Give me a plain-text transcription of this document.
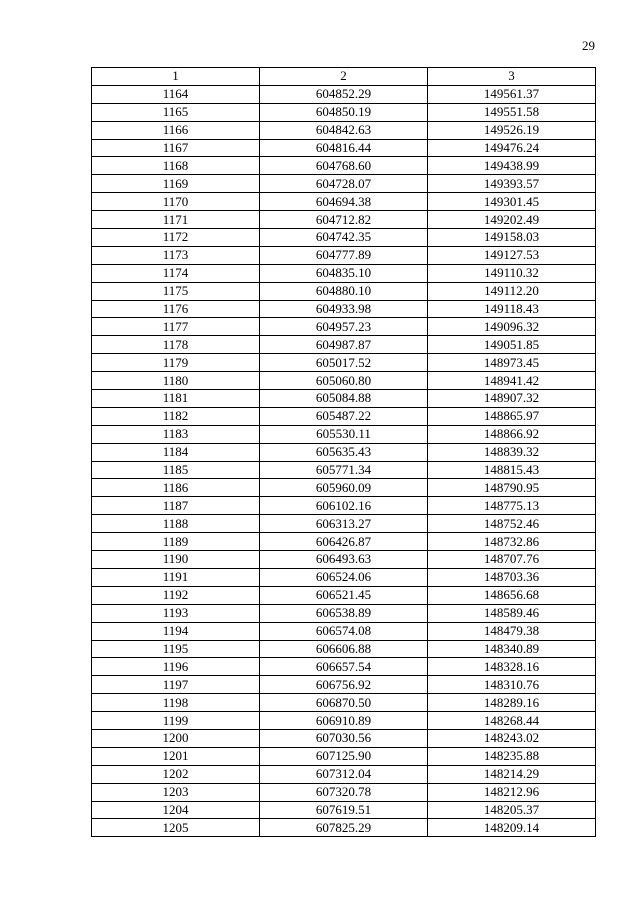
29
1	2	3
1164	604852.29	149561.37
1165	604850.19	149551.58
1166	604842.63	149526.19
1167	604816.44	149476.24
1168	604768.60	149438.99
1169	604728.07	149393.57
1170	604694.38	149301.45
1171	604712.82	149202.49
1172	604742.35	149158.03
1173	604777.89	149127.53
1174	604835.10	149110.32
1175	604880.10	149112.20
1176	604933.98	149118.43
1177	604957.23	149096.32
1178	604987.87	149051.85
1179	605017.52	148973.45
1180	605060.80	148941.42
1181	605084.88	148907.32
1182	605487.22	148865.97
1183	605530.11	148866.92
1184	605635.43	148839.32
1185	605771.34	148815.43
1186	605960.09	148790.95
1187	606102.16	148775.13
1188	606313.27	148752.46
1189	606426.87	148732.86
1190	606493.63	148707.76
1191	606524.06	148703.36
1192	606521.45	148656.68
1193	606538.89	148589.46
1194	606574.08	148479.38
1195	606606.88	148340.89
1196	606657.54	148328.16
1197	606756.92	148310.76
1198	606870.50	148289.16
1199	606910.89	148268.44
1200	607030.56	148243.02
1201	607125.90	148235.88
1202	607312.04	148214.29
1203	607320.78	148212.96
1204	607619.51	148205.37
1205	607825.29	148209.14
